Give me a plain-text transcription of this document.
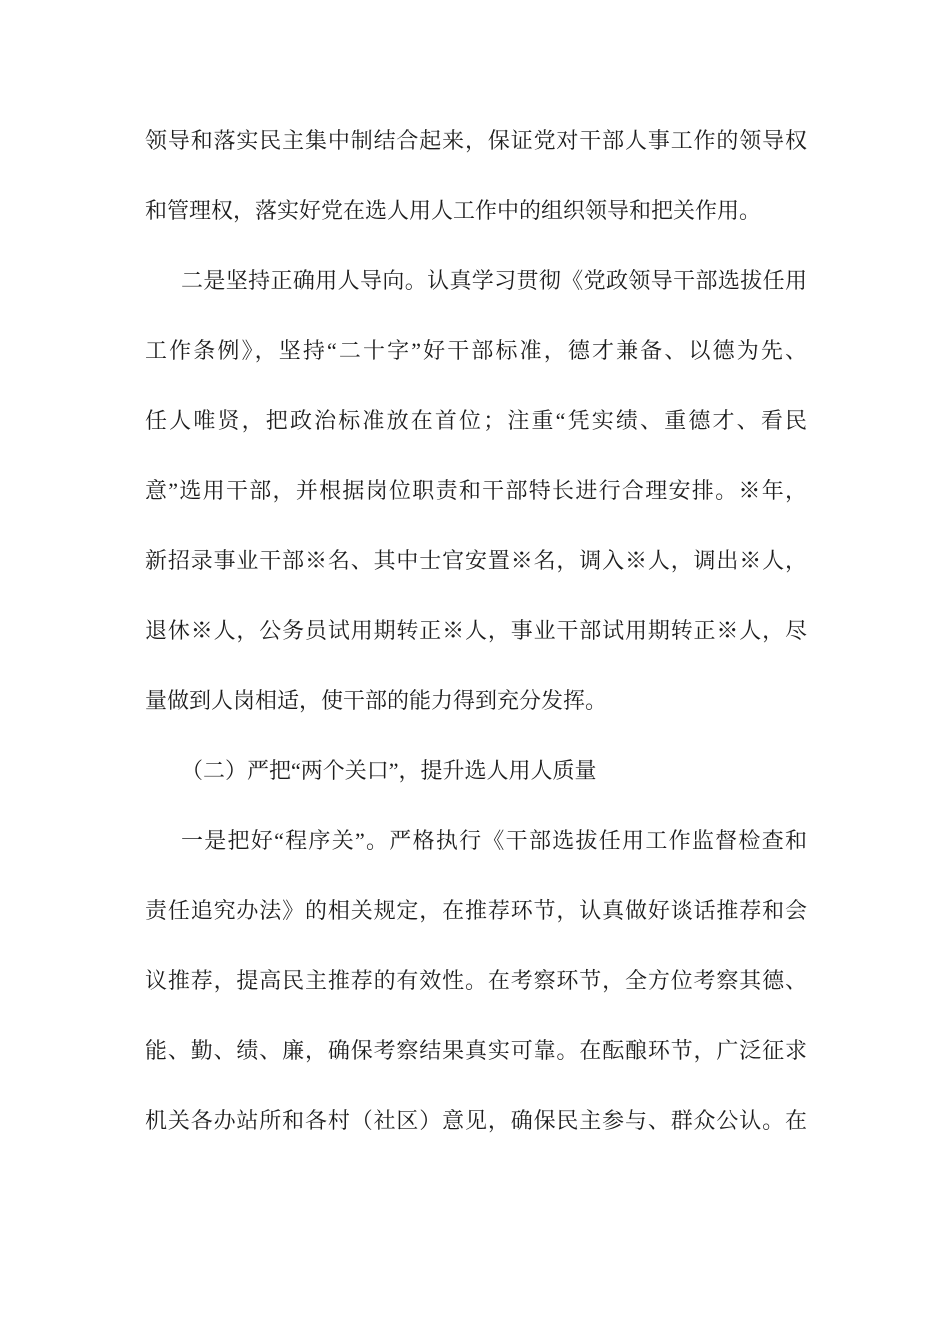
领导和落实民主集中制结合起来，保证党对干部人事工作的领导权
和管理权，落实好党在选人用人工作中的组织领导和把关作用。
二是坚持正确用人导向。认真学习贯彻《党政领导干部选拔任用
工作条例》，坚持“二十字”好干部标准，德才兼备、以德为先、
任人唯贤，把政治标准放在首位；注重“凭实绩、重德才、看民
意”选用干部，并根据岗位职责和干部特长进行合理安排。※年，
新招录事业干部※名、其中士官安置※名，调入※人，调出※人，
退休※人，公务员试用期转正※人，事业干部试用期转正※人，尽
量做到人岗相适，使干部的能力得到充分发挥。
（二）严把“两个关口”，提升选人用人质量
一是把好“程序关”。严格执行《干部选拔任用工作监督检查和
责任追究办法》的相关规定，在推荐环节，认真做好谈话推荐和会
议推荐，提高民主推荐的有效性。在考察环节，全方位考察其德、
能、勤、绩、廉，确保考察结果真实可靠。在酝酿环节，广泛征求
机关各办站所和各村（社区）意见，确保民主参与、群众公认。在
